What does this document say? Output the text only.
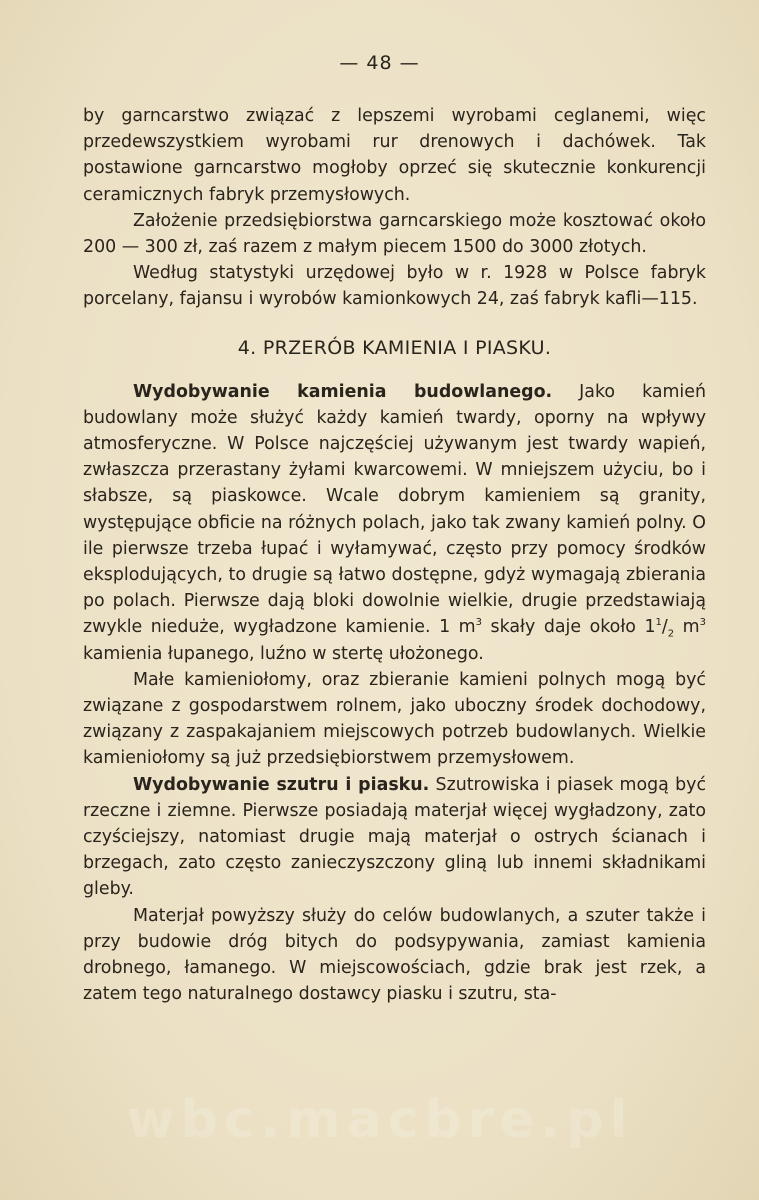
— 48 —

by garncarstwo związać z lepszemi wyrobami ceglanemi, więc przedewszystkiem wyrobami rur drenowych i dachówek. Tak postawione garncarstwo mogłoby oprzeć się skutecznie konkurencji ceramicznych fabryk przemysłowych.

Założenie przedsiębiorstwa garncarskiego może kosztować około 200 — 300 zł, zaś razem z małym piecem 1500 do 3000 złotych.

Według statystyki urzędowej było w r. 1928 w Polsce fabryk porcelany, fajansu i wyrobów kamionkowych 24, zaś fabryk kafli—115.

4. PRZERÓB KAMIENIA I PIASKU.

Wydobywanie kamienia budowlanego. Jako kamień budowlany może służyć każdy kamień twardy, oporny na wpływy atmosferyczne. W Polsce najczęściej używanym jest twardy wapień, zwłaszcza przerastany żyłami kwarcowemi. W mniejszem użyciu, bo i słabsze, są piaskowce. Wcale dobrym kamieniem są granity, występujące obficie na różnych polach, jako tak zwany kamień polny. O ile pierwsze trzeba łupać i wyłamywać, często przy pomocy środków eksplodujących, to drugie są łatwo dostępne, gdyż wymagają zbierania po polach. Pierwsze dają bloki dowolnie wielkie, drugie przedstawiają zwykle nieduże, wygładzone kamienie. 1 $m^3$ skały daje około $1^1/_2$ $m^3$ kamienia łupanego, luźno w stertę ułożonego.

Małe kamieniołomy, oraz zbieranie kamieni polnych mogą być związane z gospodarstwem rolnem, jako uboczny środek dochodowy, związany z zaspakajaniem miejscowych potrzeb budowlanych. Wielkie kamieniołomy są już przedsiębiorstwem przemysłowem.

Wydobywanie szutru i piasku. Szutrowiska i piasek mogą być rzeczne i ziemne. Pierwsze posiadają materjał więcej wygładzony, zato czyściejszy, natomiast drugie mają materjał o ostrych ścianach i brzegach, zato często zanieczyszczony gliną lub innemi składnikami gleby.

Materjał powyższy służy do celów budowlanych, a szuter także i przy budowie dróg bitych do podsypywania, zamiast kamienia drobnego, łamanego. W miejscowościach, gdzie brak jest rzek, a zatem tego naturalnego dostawcy piasku i szutru, sta-

wbc.macbre.pl
